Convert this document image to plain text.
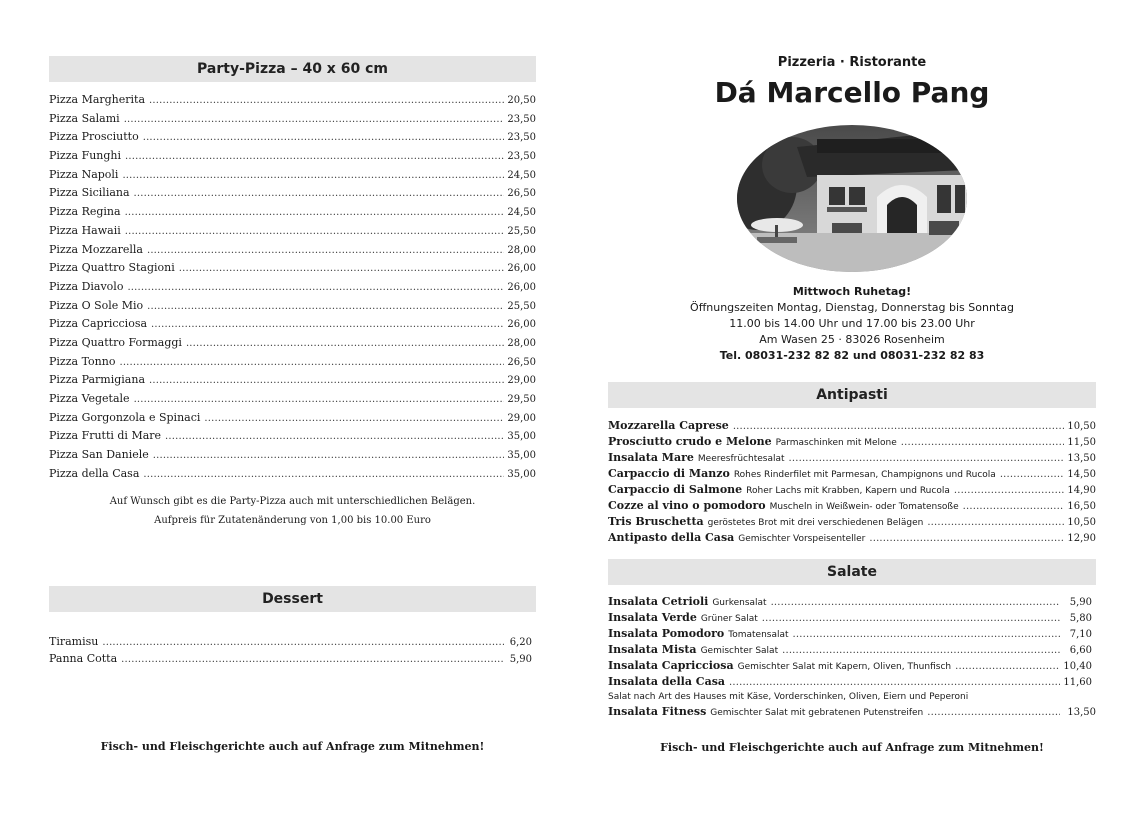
Party-Pizza – 40 x 60 cm
Pizza Margherita . . .	20,50
Pizza Salami . . .	23,50
Pizza Prosciutto . . .	23,50
Pizza Funghi . . .	23,50
Pizza Napoli . . .	24,50
Pizza Siciliana . . .	26,50
Pizza Regina . . .	24,50
Pizza Hawaii . . .	25,50
Pizza Mozzarella . . .	28,00
Pizza Quattro Stagioni . . .	26,00
Pizza Diavolo . . .	26,00
Pizza O Sole Mio . . .	25,50
Pizza Capricciosa . . .	26,00
Pizza Quattro Formaggi . . .	28,00
Pizza Tonno . . .	26,50
Pizza Parmigiana . . .	29,00
Pizza Vegetale . . .	29,50
Pizza Gorgonzola e Spinaci . . .	29,00
Pizza Frutti di Mare . . .	35,00
Pizza San Daniele . . .	35,00
Pizza della Casa . . .	35,00
Auf Wunsch gibt es die Party-Pizza auch mit unterschiedlichen Belägen.
Aufpreis für Zutatenänderung von 1,00 bis 10.00 Euro
Dessert
Tiramisu . . .	6,20
Panna Cotta . . .	5,90
Fisch- und Fleischgerichte auch auf Anfrage zum Mitnehmen!
Pizzeria · Ristorante
Dá Marcello Pang
Mittwoch Ruhetag!
Öffnungszeiten Montag, Dienstag, Donnerstag bis Sonntag
11.00 bis 14.00 Uhr und 17.00 bis 23.00 Uhr
Am Wasen 25 · 83026 Rosenheim
Tel. 08031-232 82 82 und 08031-232 82 83
Antipasti
Mozzarella Caprese . . .	10,50
Prosciutto crudo e Melone Parmaschinken mit Melone . . .	11,50
Insalata Mare Meeresfrüchtesalat . . .	13,50
Carpaccio di Manzo Rohes Rinderfilet mit Parmesan, Champignons und Rucola . . .	14,50
Carpaccio di Salmone Roher Lachs mit Krabben, Kapern und Rucola . . .	14,90
Cozze al vino o pomodoro Muscheln in Weißwein- oder Tomatensoße . . .	16,50
Tris Bruschetta geröstetes Brot mit drei verschiedenen Belägen . . .	10,50
Antipasto della Casa Gemischter Vorspeisenteller . . .	12,90
Salate
Insalata Cetrioli Gurkensalat . . .	5,90
Insalata Verde Grüner Salat . . .	5,80
Insalata Pomodoro Tomatensalat . . .	7,10
Insalata Mista Gemischter Salat . . .	6,60
Insalata Capricciosa Gemischter Salat mit Kapern, Oliven, Thunfisch . . .	10,40
Insalata della Casa . . .	11,60
Salat nach Art des Hauses mit Käse, Vorderschinken, Oliven, Eiern und Peperoni
Insalata Fitness Gemischter Salat mit gebratenen Putenstreifen . . .	13,50
Fisch- und Fleischgerichte auch auf Anfrage zum Mitnehmen!
